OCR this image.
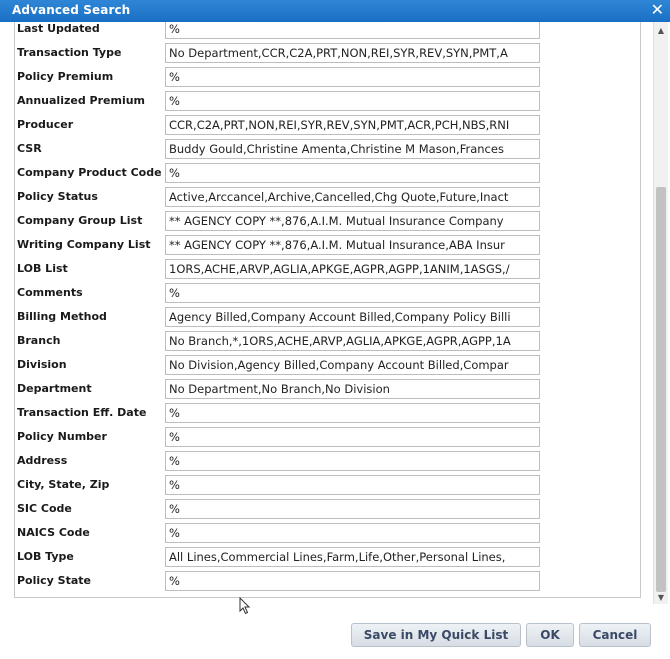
Advanced Search	✕
Last Updated	%
Transaction Type	No Department,CCR,C2A,PRT,NON,REI,SYR,REV,SYN,PMT,A
Policy Premium	%
Annualized Premium	%
Producer	CCR,C2A,PRT,NON,REI,SYR,REV,SYN,PMT,ACR,PCH,NBS,RNI
CSR	Buddy Gould,Christine Amenta,Christine M Mason,Frances
Company Product Code %
Policy Status	Active,Arccancel,Archive,Cancelled,Chg Quote,Future,Inact
Company Group List	** AGENCY COPY **,876,A.I.M. Mutual Insurance Company
Writing Company List	** AGENCY COPY **,876,A.I.M. Mutual Insurance,ABA Insur
LOB List	1ORS,ACHE,ARVP,AGLIA,APKGE,AGPR,AGPP,1ANIM,1ASGS,/
Comments	%
Billing Method	Agency Billed,Company Account Billed,Company Policy Billi
Branch	No Branch,*,1ORS,ACHE,ARVP,AGLIA,APKGE,AGPR,AGPP,1A
Division	No Division,Agency Billed,Company Account Billed,Compar
Department	No Department,No Branch,No Division
Transaction Eff. Date	%
Policy Number	%
Address	%
City, State, Zip	%
SIC Code	%
NAICS Code	%
LOB Type	All Lines,Commercial Lines,Farm,Life,Other,Personal Lines,
Policy State	%
▲
▼
Save in My Quick List	OK	Cancel
